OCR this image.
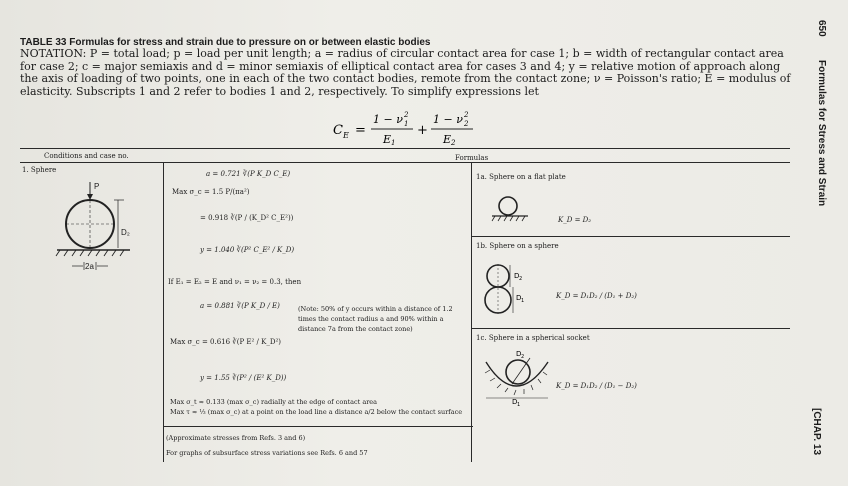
TABLE 33 Formulas for stress and strain due to pressure on or between elastic bodies
NOTATION: P = total load; p = load per unit length; a = radius of circular contact area for case 1; b = width of rectangular contact area for case 2; c = major semiaxis and d = minor semiaxis of elliptical contact area for cases 3 and 4; y = relative motion of approach along the axis of loading of two points, one in each of the two contact bodies, remote from the contact zone; ν = Poisson's ratio; E = modulus of elasticity. Subscripts 1 and 2 refer to bodies 1 and 2, respectively. To simplify expressions let
C E =
1 − ν 1
2
E 1
+
1 − ν 2
2
E 2
Conditions and case no.	Formulas
1. Sphere
P
D₂
2a
a = 0.721 ∛(P K_D C_E)
Max σ_c = 1.5 P/(πa²)
= 0.918 ∛(P / (K_D² C_E²))
y = 1.040 ∛(P² C_E² / K_D)
If E₁ = E₂ = E and ν₁ = ν₂ = 0.3, then
a = 0.881 ∛(P K_D / E)
Max σ_c = 0.616 ∛(P E² / K_D²)
y = 1.55 ∛(P² / (E² K_D))
(Note: 50% of y occurs within a distance of 1.2 times the contact radius a and 90% within a distance 7a from the contact zone)
Max σ_t ≈ 0.133 (max σ_c) radially at the edge of contact area
Max τ ≈ ⅓ (max σ_c) at a point on the load line a distance a/2 below the contact surface
(Approximate stresses from Refs. 3 and 6)
For graphs of subsurface stress variations see Refs. 6 and 57
1a. Sphere on a flat plate
K_D = D₂
1b. Sphere on a sphere
D 2
D 1
K_D = D₁D₂ / (D₁ + D₂)
1c. Sphere in a spherical socket
D 2
D 1
K_D = D₁D₂ / (D₁ − D₂)
650
Formulas for Stress and Strain
[CHAP. 13
